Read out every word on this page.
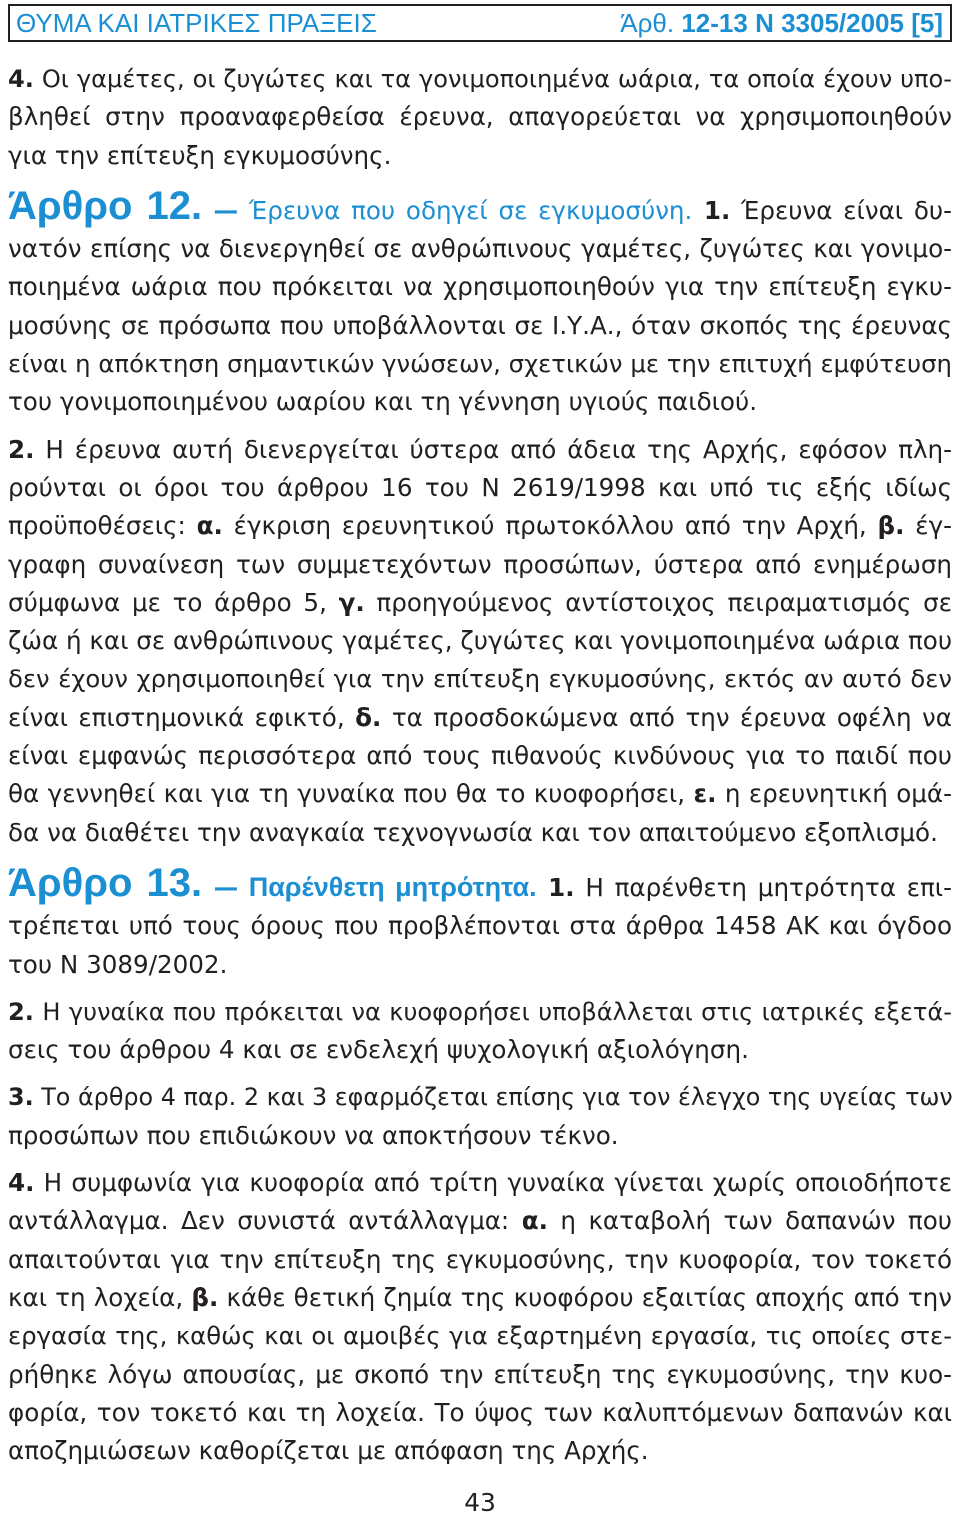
ΘΥΜΑ ΚΑΙ ΙΑΤΡΙΚΕΣ ΠΡΑΞΕΙΣ	Άρθ. 12-13 Ν 3305/2005 [5]
4. Οι γαμέτες, οι ζυγώτες και τα γονιμοποιημένα ωάρια, τα οποία έχουν υπο-
βληθεί στην προαναφερθείσα έρευνα, απαγορεύεται να χρησιμοποιηθούν
για την επίτευξη εγκυμοσύνης.
Άρθρο 12. — Έρευνα που οδηγεί σε εγκυμοσύνη. 1. Έρευνα είναι δυ-
νατόν επίσης να διενεργηθεί σε ανθρώπινους γαμέτες, ζυγώτες και γονιμο-
ποιημένα ωάρια που πρόκειται να χρησιμοποιηθούν για την επίτευξη εγκυ-
μοσύνης σε πρόσωπα που υποβάλλονται σε Ι.Υ.Α., όταν σκοπός της έρευνας
είναι η απόκτηση σημαντικών γνώσεων, σχετικών με την επιτυχή εμφύτευση
του γονιμοποιημένου ωαρίου και τη γέννηση υγιούς παιδιού.
2. Η έρευνα αυτή διενεργείται ύστερα από άδεια της Αρχής, εφόσον πλη-
ρούνται οι όροι του άρθρου 16 του Ν 2619/1998 και υπό τις εξής ιδίως
προϋποθέσεις: α. έγκριση ερευνητικού πρωτοκόλλου από την Αρχή, β. έγ-
γραφη συναίνεση των συμμετεχόντων προσώπων, ύστερα από ενημέρωση
σύμφωνα με το άρθρο 5, γ. προηγούμενος αντίστοιχος πειραματισμός σε
ζώα ή και σε ανθρώπινους γαμέτες, ζυγώτες και γονιμοποιημένα ωάρια που
δεν έχουν χρησιμοποιηθεί για την επίτευξη εγκυμοσύνης, εκτός αν αυτό δεν
είναι επιστημονικά εφικτό, δ. τα προσδοκώμενα από την έρευνα οφέλη να
είναι εμφανώς περισσότερα από τους πιθανούς κινδύνους για το παιδί που
θα γεννηθεί και για τη γυναίκα που θα το κυοφορήσει, ε. η ερευνητική ομά-
δα να διαθέτει την αναγκαία τεχνογνωσία και τον απαιτούμενο εξοπλισμό.
Άρθρο 13. — Παρένθετη μητρότητα. 1. Η παρένθετη μητρότητα επι-
τρέπεται υπό τους όρους που προβλέπονται στα άρθρα 1458 ΑΚ και όγδοο
του Ν 3089/2002.
2. Η γυναίκα που πρόκειται να κυοφορήσει υποβάλλεται στις ιατρικές εξετά-
σεις του άρθρου 4 και σε ενδελεχή ψυχολογική αξιολόγηση.
3. Το άρθρο 4 παρ. 2 και 3 εφαρμόζεται επίσης για τον έλεγχο της υγείας των
προσώπων που επιδιώκουν να αποκτήσουν τέκνο.
4. Η συμφωνία για κυοφορία από τρίτη γυναίκα γίνεται χωρίς οποιοδήποτε
αντάλλαγμα. Δεν συνιστά αντάλλαγμα: α. η καταβολή των δαπανών που
απαιτούνται για την επίτευξη της εγκυμοσύνης, την κυοφορία, τον τοκετό
και τη λοχεία, β. κάθε θετική ζημία της κυοφόρου εξαιτίας αποχής από την
εργασία της, καθώς και οι αμοιβές για εξαρτημένη εργασία, τις οποίες στε-
ρήθηκε λόγω απουσίας, με σκοπό την επίτευξη της εγκυμοσύνης, την κυο-
φορία, τον τοκετό και τη λοχεία. Το ύψος των καλυπτόμενων δαπανών και
αποζημιώσεων καθορίζεται με απόφαση της Αρχής.
43
